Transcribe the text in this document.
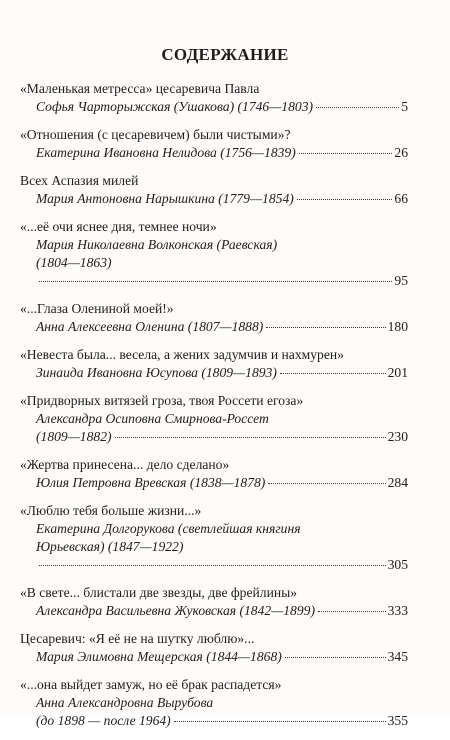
СОДЕРЖАНИЕ
«Маленькая метресса» цесаревича Павла
Софья Чарторыжская (Ушакова) (1746—1803)	5
«Отношения (с цесаревичем) были чистыми»?
Екатерина Ивановна Нелидова (1756—1839)	26
Всех Аспазия милей
Мария Антоновна Нарышкина (1779—1854)	66
«...её очи яснее дня, темнее ночи»
Мария Николаевна Волконская (Раевская)
(1804—1863)
95
«...Глаза Олениной моей!»
Анна Алексеевна Оленина (1807—1888)	180
«Невеста была... весела, а жених задумчив и нахмурен»
Зинаида Ивановна Юсупова (1809—1893)	201
«Придворных витязей гроза, твоя Россети егоза»
Александра Осиповна Смирнова-Россет
(1809—1882)	230
«Жертва принесена... дело сделано»
Юлия Петровна Вревская (1838—1878)	284
«Люблю тебя больше жизни...»
Екатерина Долгорукова (светлейшая княгиня
Юрьевская) (1847—1922)
305
«В свете... блистали две звезды, две фрейлины»
Александра Васильевна Жуковская (1842—1899)	333
Цесаревич: «Я её не на шутку люблю»...
Мария Элимовна Мещерская (1844—1868)	345
«...она выйдет замуж, но её брак распадется»
Анна Александровна Вырубова
(до 1898 — после 1964)	355
